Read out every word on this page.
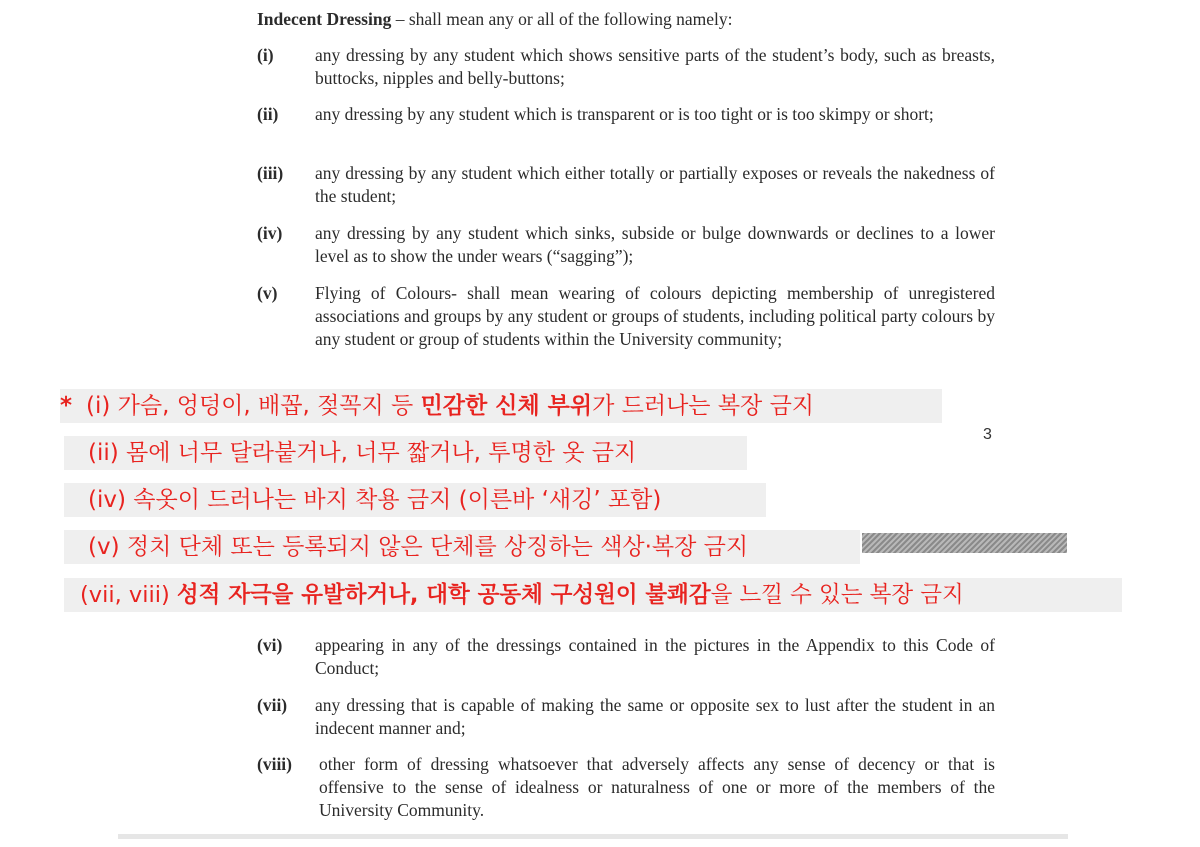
Indecent Dressing – shall mean any or all of the following namely:
(i) any dressing by any student which shows sensitive parts of the student’s body, such as breasts, buttocks, nipples and belly-buttons;
(ii) any dressing by any student which is transparent or is too tight or is too skimpy or short;
(iii) any dressing by any student which either totally or partially exposes or reveals the nakedness of the student;
(iv) any dressing by any student which sinks, subside or bulge downwards or declines to a lower level as to show the under wears (“sagging”);
(v) Flying of Colours- shall mean wearing of colours depicting membership of unregistered associations and groups by any student or groups of students, including political party colours by any student or group of students within the University community;
(vi) appearing in any of the dressings contained in the pictures in the Appendix to this Code of Conduct;
(vii) any dressing that is capable of making the same or opposite sex to lust after the student in an indecent manner and;
(viii) other form of dressing whatsoever that adversely affects any sense of decency or that is offensive to the sense of idealness or naturalness of one or more of the members of the University Community.
* (i) 가슴, 엉덩이, 배꼽, 젖꼭지 등 민감한 신체 부위가 드러나는 복장 금지
(ii) 몸에 너무 달라붙거나, 너무 짧거나, 투명한 옷 금지
3
(iv) 속옷이 드러나는 바지 착용 금지 (이른바 ‘새깅’ 포함)
(v) 정치 단체 또는 등록되지 않은 단체를 상징하는 색상·복장 금지
(vii, viii) 성적 자극을 유발하거나, 대학 공동체 구성원이 불쾌감을 느낄 수 있는 복장 금지
